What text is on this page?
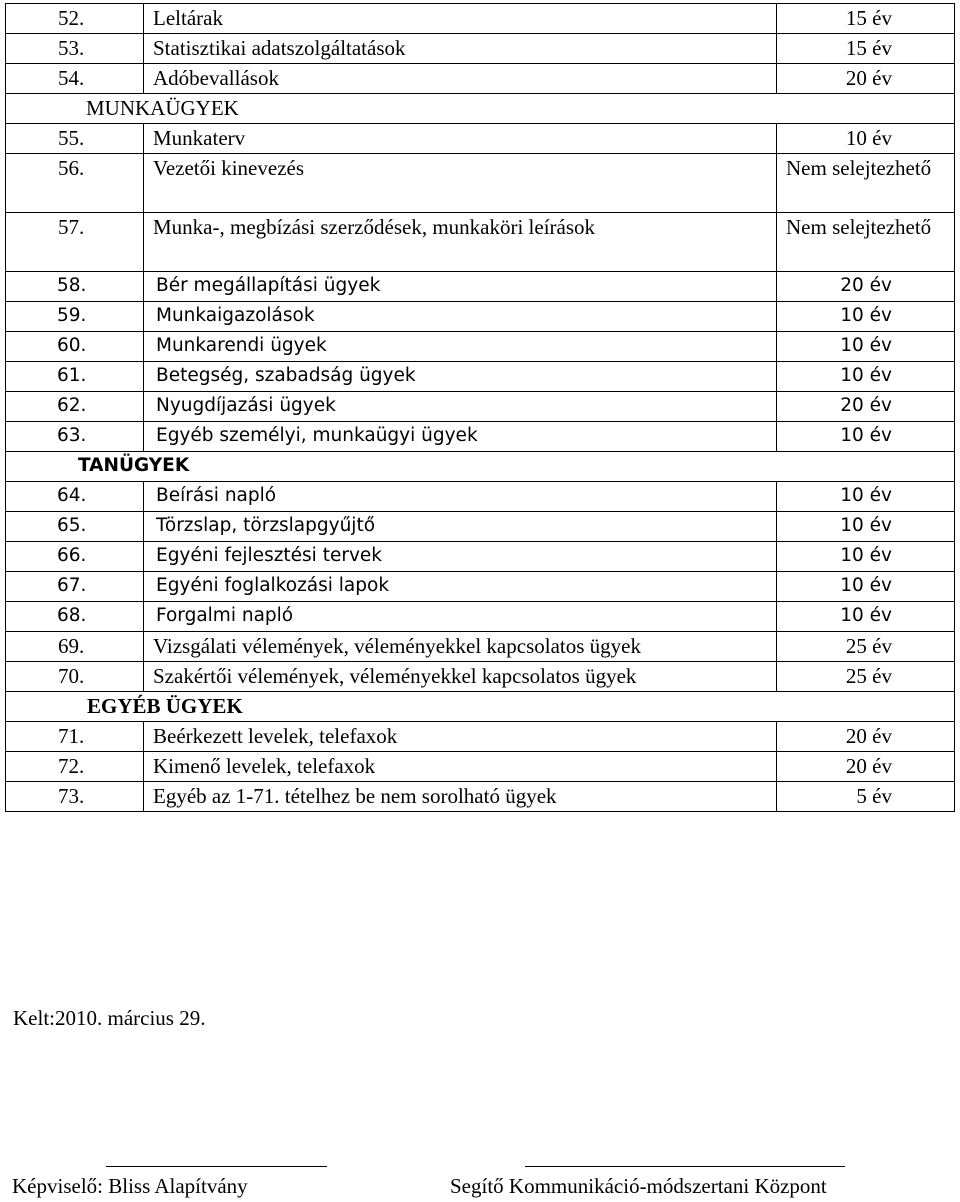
52.	Leltárak	15 év
53.	Statisztikai adatszolgáltatások	15 év
54.	Adóbevallások	20 év
MUNKAÜGYEK
55.	Munkaterv	10 év
56.	Vezetői kinevezés	Nem selejtezhető
57.	Munka-, megbízási szerződések, munkaköri leírások	Nem selejtezhető
58.	Bér megállapítási ügyek	20 év
59.	Munkaigazolások	10 év
60.	Munkarendi ügyek	10 év
61.	Betegség, szabadság ügyek	10 év
62.	Nyugdíjazási ügyek	20 év
63.	Egyéb személyi, munkaügyi ügyek	10 év
TANÜGYEK
64.	Beírási napló	10 év
65.	Törzslap, törzslapgyűjtő	10 év
66.	Egyéni fejlesztési tervek	10 év
67.	Egyéni foglalkozási lapok	10 év
68.	Forgalmi napló	10 év
69.	Vizsgálati vélemények, véleményekkel kapcsolatos ügyek	25 év
70.	Szakértői vélemények, véleményekkel kapcsolatos ügyek	25 év
EGYÉB ÜGYEK
71.	Beérkezett levelek, telefaxok	20 év
72.	Kimenő levelek, telefaxok	20 év
73.	Egyéb az 1-71. tételhez be nem sorolható ügyek	5 év
Kelt:2010. március 29.
Képviselő: Bliss Alapítvány	Segítő Kommunikáció-módszertani Központ
